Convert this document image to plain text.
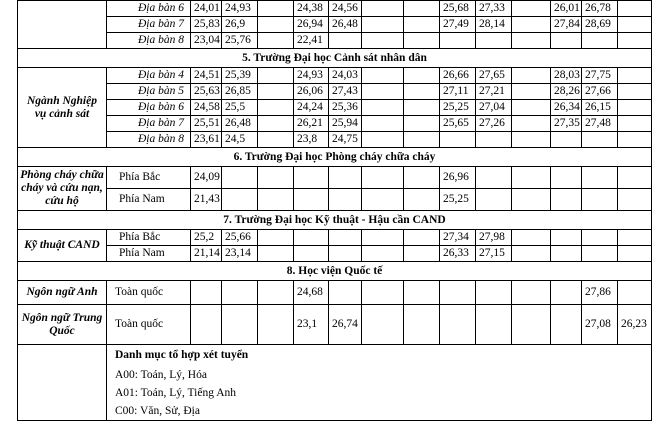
	Địa bàn 6	24,01	24,93		24,38	24,56			25,68	27,33		26,01	26,78	
	Địa bàn 7	25,83	26,9		26,94	26,48			27,49	28,14		27,84	28,69	
	Địa bàn 8	23,04	25,76		22,41									
5. Trường Đại học Cảnh sát nhân dân														
Ngành Nghiệp vụ cảnh sát	Địa bàn 4	24,51	25,39		24,93	24,03			26,66	27,65		28,03	27,75	
	Địa bàn 5	25,63	26,85		26,06	27,43			27,11	27,21		28,26	27,66	
	Địa bàn 6	24,58	25,5		24,24	25,36			25,25	27,04		26,34	26,15	
	Địa bàn 7	25,51	26,48		26,21	25,94			25,65	27,26		27,35	27,48	
	Địa bàn 8	23,61	24,5		23,8	24,75								
6. Trường Đại học Phòng cháy chữa cháy														
Phòng cháy chữa cháy và cứu nạn, cứu hộ	Phía Bắc	24,09							26,96					
	Phía Nam	21,43							25,25					
7. Trường Đại học Kỹ thuật - Hậu cần CAND														
Kỹ thuật CAND	Phía Bắc	25,2	25,66						27,34	27,98				
	Phía Nam	21,14	23,14						26,33	27,15				
8. Học viện Quốc tế														
Ngôn ngữ Anh	Toàn quốc				24,68								27,86	
Ngôn ngữ Trung Quốc	Toàn quốc				23,1	26,74							27,08	26,23
	Danh mục tổ hợp xét tuyển													
	A00: Toán, Lý, Hóa													
	A01: Toán, Lý, Tiếng Anh													
	C00: Văn, Sử, Địa													
